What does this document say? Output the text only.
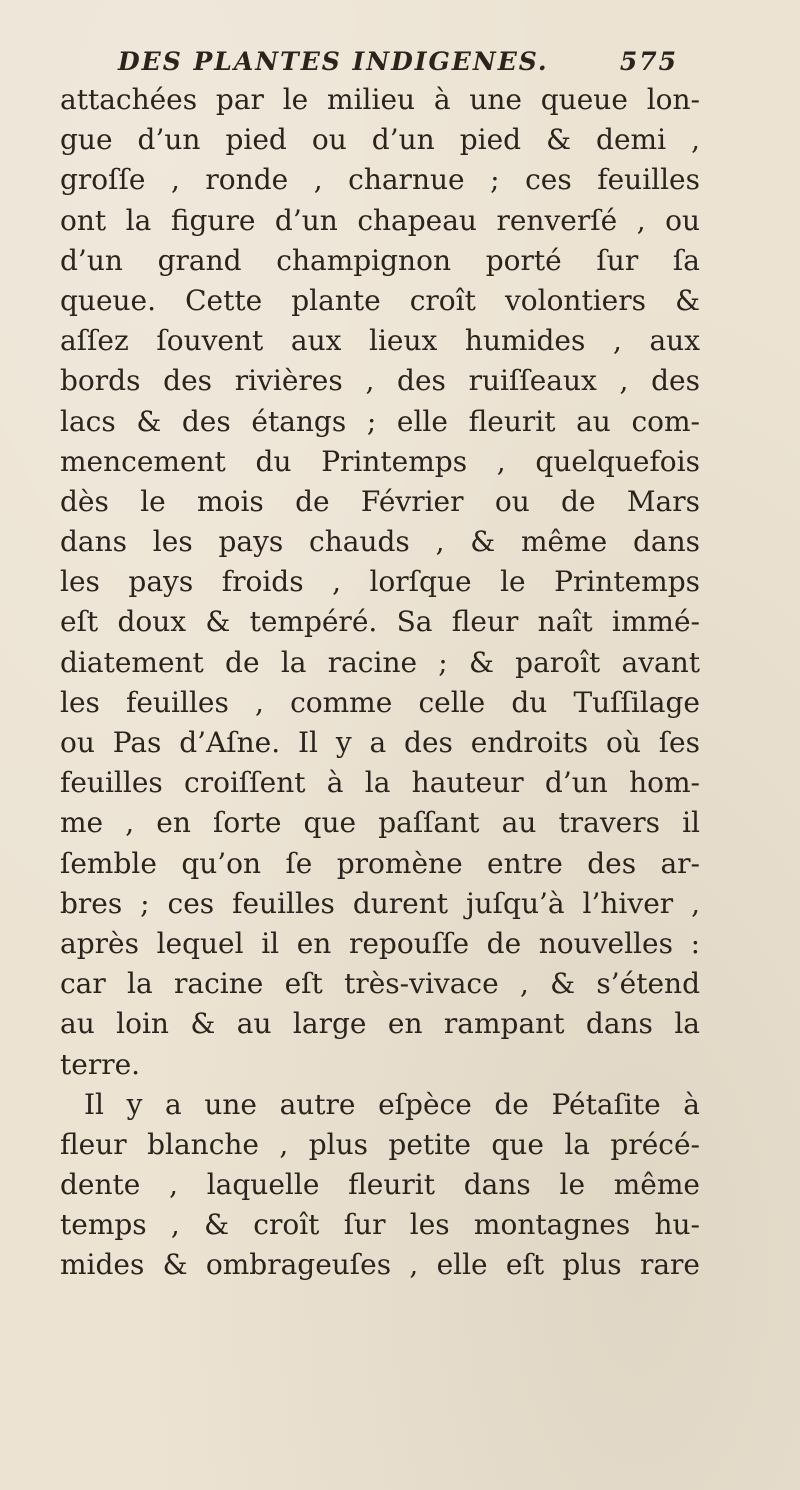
DES PLANTES INDIGENES.	575
attachées par le milieu à une queue lon-
gue d’un pied ou d’un pied & demi ,
groſſe , ronde , charnue ; ces feuilles
ont la figure d’un chapeau renverſé , ou
d’un grand champignon porté ſur ſa
queue. Cette plante croît volontiers &
aſſez ſouvent aux lieux humides , aux
bords des rivières , des ruiſſeaux , des
lacs & des étangs ; elle fleurit au com-
mencement du Printemps , quelquefois
dès le mois de Février ou de Mars
dans les pays chauds , & même dans
les pays froids , lorſque le Printemps
eſt doux & tempéré. Sa fleur naît immé-
diatement de la racine ; & paroît avant
les feuilles , comme celle du Tuſſilage
ou Pas d’Aſne. Il y a des endroits où ſes
feuilles croiſſent à la hauteur d’un hom-
me , en ſorte que paſſant au travers il
ſemble qu’on ſe promène entre des ar-
bres ; ces feuilles durent juſqu’à l’hiver ,
après lequel il en repouſſe de nouvelles :
car la racine eſt très-vivace , & s’étend
au loin & au large en rampant dans la
terre.
Il y a une autre eſpèce de Pétaſite à
fleur blanche , plus petite que la précé-
dente , laquelle fleurit dans le même
temps , & croît ſur les montagnes hu-
mides & ombrageuſes , elle eſt plus rare
